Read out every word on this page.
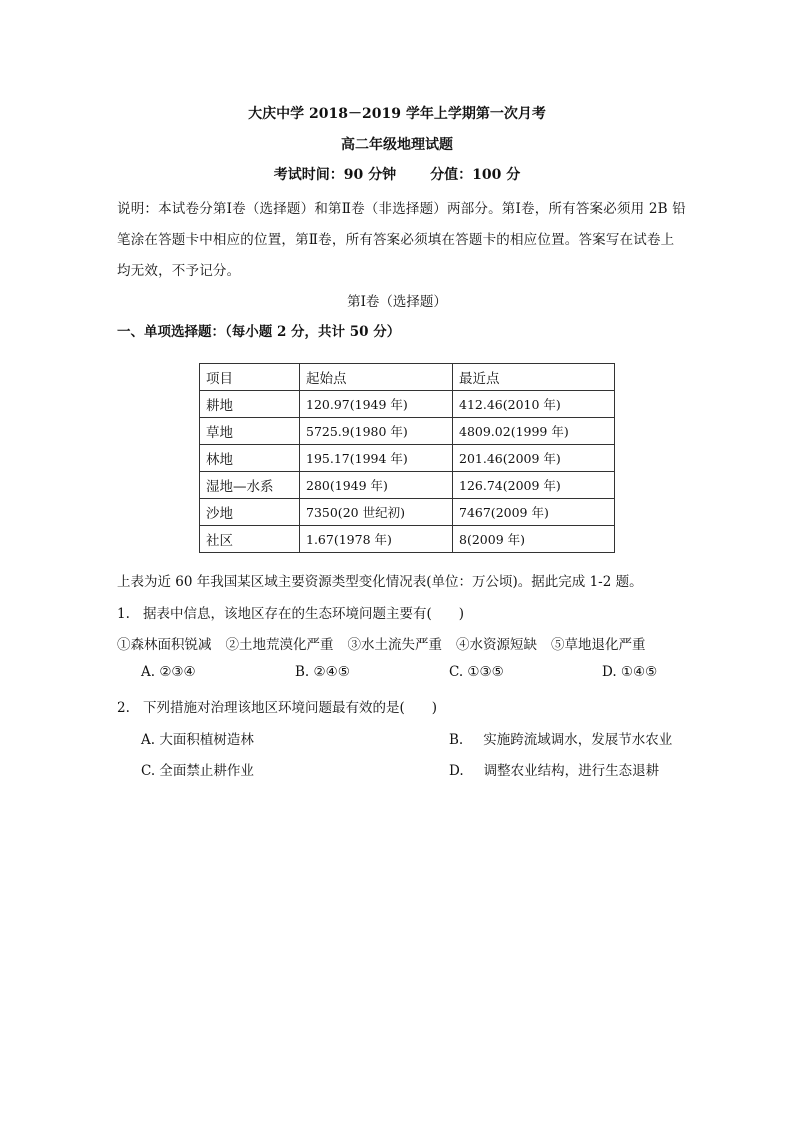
大庆中学 2018－2019 学年上学期第一次月考
高二年级地理试题
考试时间：90 分钟 分值：100 分
说明：本试卷分第Ⅰ卷（选择题）和第Ⅱ卷（非选择题）两部分。第Ⅰ卷，所有答案必须用 2B 铅笔涂在答题卡中相应的位置，第Ⅱ卷，所有答案必须填在答题卡的相应位置。答案写在试卷上均无效，不予记分。
第Ⅰ卷（选择题）
一、单项选择题：（每小题 2 分，共计 50 分）
项目	起始点	最近点
耕地	120.97(1949 年)	412.46(2010 年)
草地	5725.9(1980 年)	4809.02(1999 年)
林地	195.17(1994 年)	201.46(2009 年)
湿地—水系	280(1949 年)	126.74(2009 年)
沙地	7350(20 世纪初)	7467(2009 年)
社区	1.67(1978 年)	8(2009 年)
上表为近 60 年我国某区域主要资源类型变化情况表(单位：万公顷)。据此完成 1-2 题。
1. 据表中信息，该地区存在的生态环境问题主要有(　　)
①森林面积锐减 ②土地荒漠化严重 ③水土流失严重 ④水资源短缺 ⑤草地退化严重
A. ②③④	B. ②④⑤	C. ①③⑤	D. ①④⑤
2. 下列措施对治理该地区环境问题最有效的是(　　)
A. 大面积植树造林	B. 实施跨流域调水，发展节水农业
C. 全面禁止耕作业	D. 调整农业结构，进行生态退耕
